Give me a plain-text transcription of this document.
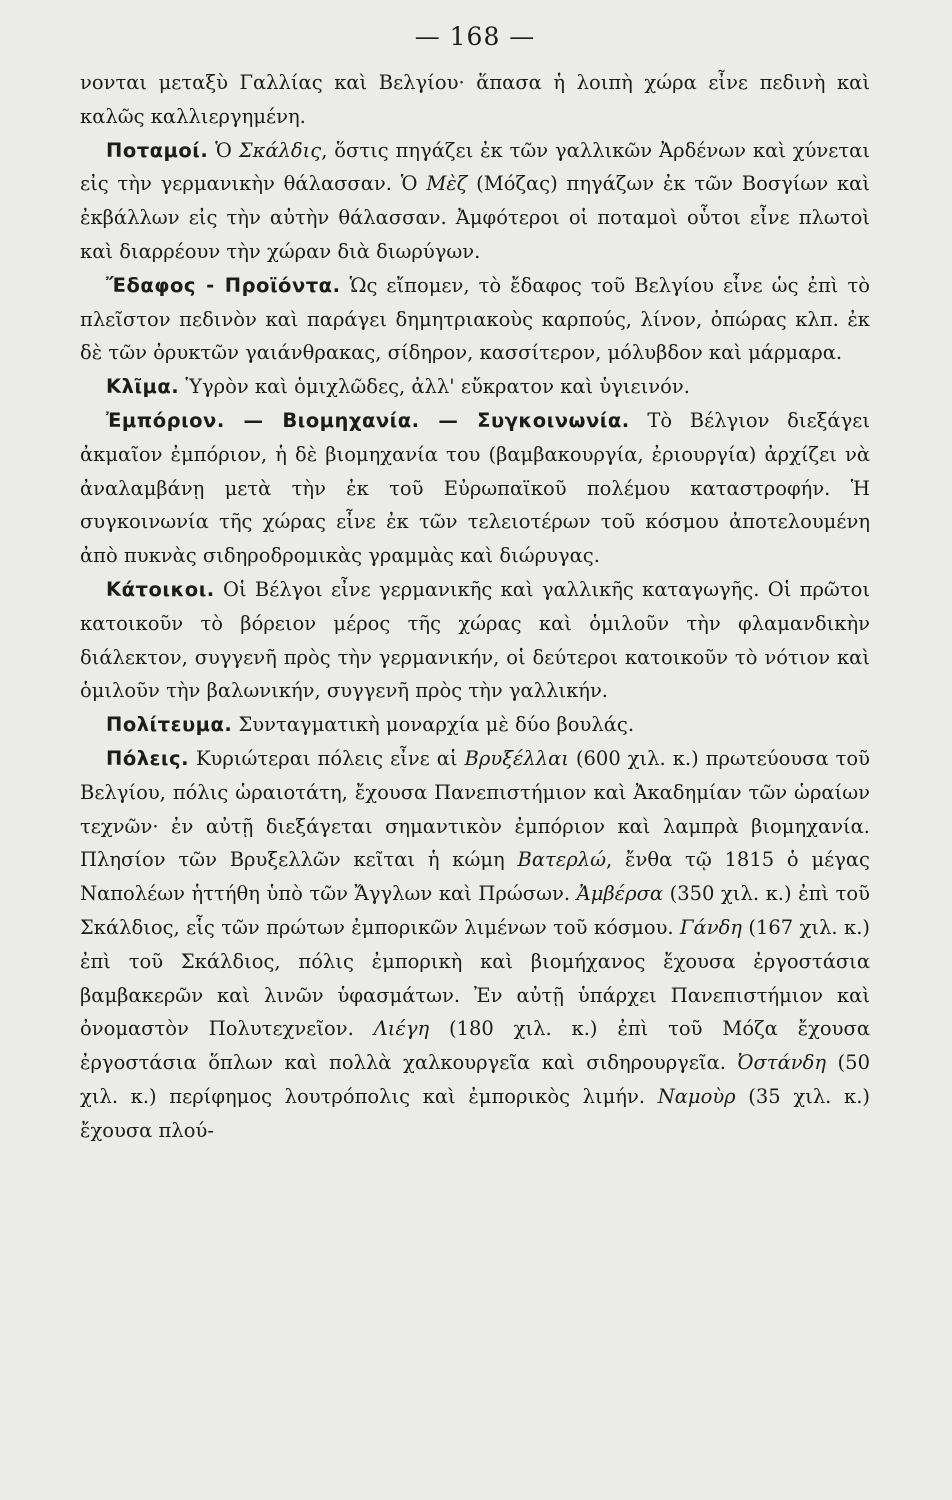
— 168 —

νονται μεταξὺ Γαλλίας καὶ Βελγίου· ἅπασα ἡ λοιπὴ χώρα εἶνε πεδινὴ καὶ καλῶς καλλιεργημένη.

Ποταμοί. Ὁ Σκάλδις, ὅστις πηγάζει ἐκ τῶν γαλλικῶν Ἀρδένων καὶ χύνεται εἰς τὴν γερμανικὴν θάλασσαν. Ὁ Μὲζ (Μόζας) πηγάζων ἐκ τῶν Βοσγίων καὶ ἐκβάλλων εἰς τὴν αὐτὴν θάλασσαν. Ἀμφότεροι οἱ ποταμοὶ οὗτοι εἶνε πλωτοὶ καὶ διαρρέουν τὴν χώραν διὰ διωρύγων.

Ἔδαφος - Προϊόντα. Ὡς εἴπομεν, τὸ ἔδαφος τοῦ Βελγίου εἶνε ὡς ἐπὶ τὸ πλεῖστον πεδινὸν καὶ παράγει δημητριακοὺς καρπούς, λίνον, ὀπώρας κλπ. ἐκ δὲ τῶν ὀρυκτῶν γαιάνθρακας, σίδηρον, κασσίτερον, μόλυβδον καὶ μάρμαρα.

Κλῖμα. Ὑγρὸν καὶ ὁμιχλῶδες, ἀλλ' εὔκρατον καὶ ὑγιεινόν.

Ἐμπόριον. — Βιομηχανία. — Συγκοινωνία. Τὸ Βέλγιον διεξάγει ἀκμαῖον ἐμπόριον, ἡ δὲ βιομηχανία του (βαμβακουργία, ἐριουργία) ἀρχίζει νὰ ἀναλαμβάνῃ μετὰ τὴν ἐκ τοῦ Εὐρωπαϊκοῦ πολέμου καταστροφήν. Ἡ συγκοινωνία τῆς χώρας εἶνε ἐκ τῶν τελειοτέρων τοῦ κόσμου ἀποτελουμένη ἀπὸ πυκνὰς σιδηροδρομικὰς γραμμὰς καὶ διώρυγας.

Κάτοικοι. Οἱ Βέλγοι εἶνε γερμανικῆς καὶ γαλλικῆς καταγωγῆς. Οἱ πρῶτοι κατοικοῦν τὸ βόρειον μέρος τῆς χώρας καὶ ὁμιλοῦν τὴν φλαμανδικὴν διάλεκτον, συγγενῆ πρὸς τὴν γερμανικήν, οἱ δεύτεροι κατοικοῦν τὸ νότιον καὶ ὁμιλοῦν τὴν βαλωνικήν, συγγενῆ πρὸς τὴν γαλλικήν.

Πολίτευμα. Συνταγματικὴ μοναρχία μὲ δύο βουλάς.

Πόλεις. Κυριώτεραι πόλεις εἶνε αἱ Βρυξέλλαι (600 χιλ. κ.) πρωτεύουσα τοῦ Βελγίου, πόλις ὡραιοτάτη, ἔχουσα Πανεπιστήμιον καὶ Ἀκαδημίαν τῶν ὡραίων τεχνῶν· ἐν αὐτῇ διεξάγεται σημαντικὸν ἐμπόριον καὶ λαμπρὰ βιομηχανία. Πλησίον τῶν Βρυξελλῶν κεῖται ἡ κώμη Βατερλώ, ἔνθα τῷ 1815 ὁ μέγας Ναπολέων ἡττήθη ὑπὸ τῶν Ἄγγλων καὶ Πρώσων. Ἀμβέρσα (350 χιλ. κ.) ἐπὶ τοῦ Σκάλδιος, εἷς τῶν πρώτων ἐμπορικῶν λιμένων τοῦ κόσμου. Γάνδη (167 χιλ. κ.) ἐπὶ τοῦ Σκάλδιος, πόλις ἐμπορικὴ καὶ βιομήχανος ἔχουσα ἐργοστάσια βαμβακερῶν καὶ λινῶν ὑφασμάτων. Ἐν αὐτῇ ὑπάρχει Πανεπιστήμιον καὶ ὀνομαστὸν Πολυτεχνεῖον. Λιέγη (180 χιλ. κ.) ἐπὶ τοῦ Μόζα ἔχουσα ἐργοστάσια ὅπλων καὶ πολλὰ χαλκουργεῖα καὶ σιδηρουργεῖα. Ὀστάνδη (50 χιλ. κ.) περίφημος λουτρόπολις καὶ ἐμπορικὸς λιμήν. Ναμοὺρ (35 χιλ. κ.) ἔχουσα πλού-
